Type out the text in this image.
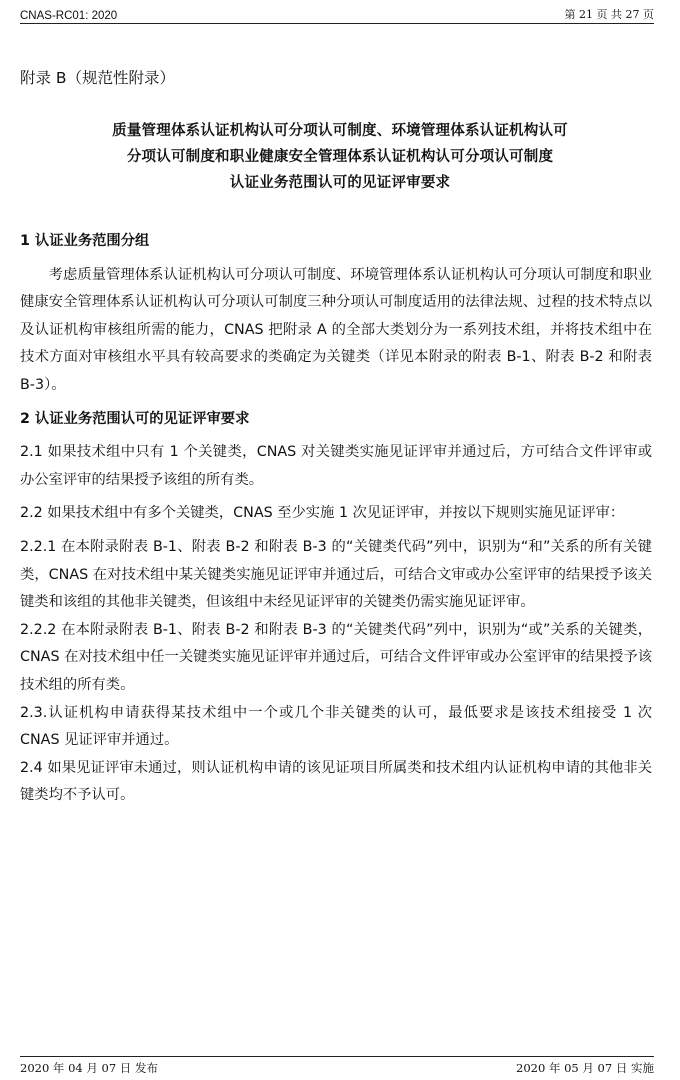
CNAS-RC01: 2020	第 21 页 共 27 页
附录 B（规范性附录）
质量管理体系认证机构认可分项认可制度、环境管理体系认证机构认可
分项认可制度和职业健康安全管理体系认证机构认可分项认可制度
认证业务范围认可的见证评审要求

1 认证业务范围分组

考虑质量管理体系认证机构认可分项认可制度、环境管理体系认证机构认可分项认可制度和职业健康安全管理体系认证机构认可分项认可制度三种分项认可制度适用的法律法规、过程的技术特点以及认证机构审核组所需的能力，CNAS 把附录 A 的全部大类划分为一系列技术组，并将技术组中在技术方面对审核组水平具有较高要求的类确定为关键类（详见本附录的附表 B-1、附表 B-2 和附表 B-3）。

2 认证业务范围认可的见证评审要求

2.1 如果技术组中只有 1 个关键类，CNAS 对关键类实施见证评审并通过后，方可结合文件评审或办公室评审的结果授予该组的所有类。

2.2 如果技术组中有多个关键类，CNAS 至少实施 1 次见证评审，并按以下规则实施见证评审：

2.2.1 在本附录附表 B-1、附表 B-2 和附表 B-3 的“关键类代码”列中，识别为“和”关系的所有关键类，CNAS 在对技术组中某关键类实施见证评审并通过后，可结合文审或办公室评审的结果授予该关键类和该组的其他非关键类，但该组中未经见证评审的关键类仍需实施见证评审。

2.2.2 在本附录附表 B-1、附表 B-2 和附表 B-3 的“关键类代码”列中，识别为“或”关系的关键类，CNAS 在对技术组中任一关键类实施见证评审并通过后，可结合文件评审或办公室评审的结果授予该技术组的所有类。

2.3.认证机构申请获得某技术组中一个或几个非关键类的认可，最低要求是该技术组接受 1 次 CNAS 见证评审并通过。

2.4 如果见证评审未通过，则认证机构申请的该见证项目所属类和技术组内认证机构申请的其他非关键类均不予认可。

2020 年 04 月 07 日 发布	2020 年 05 月 07 日 实施
